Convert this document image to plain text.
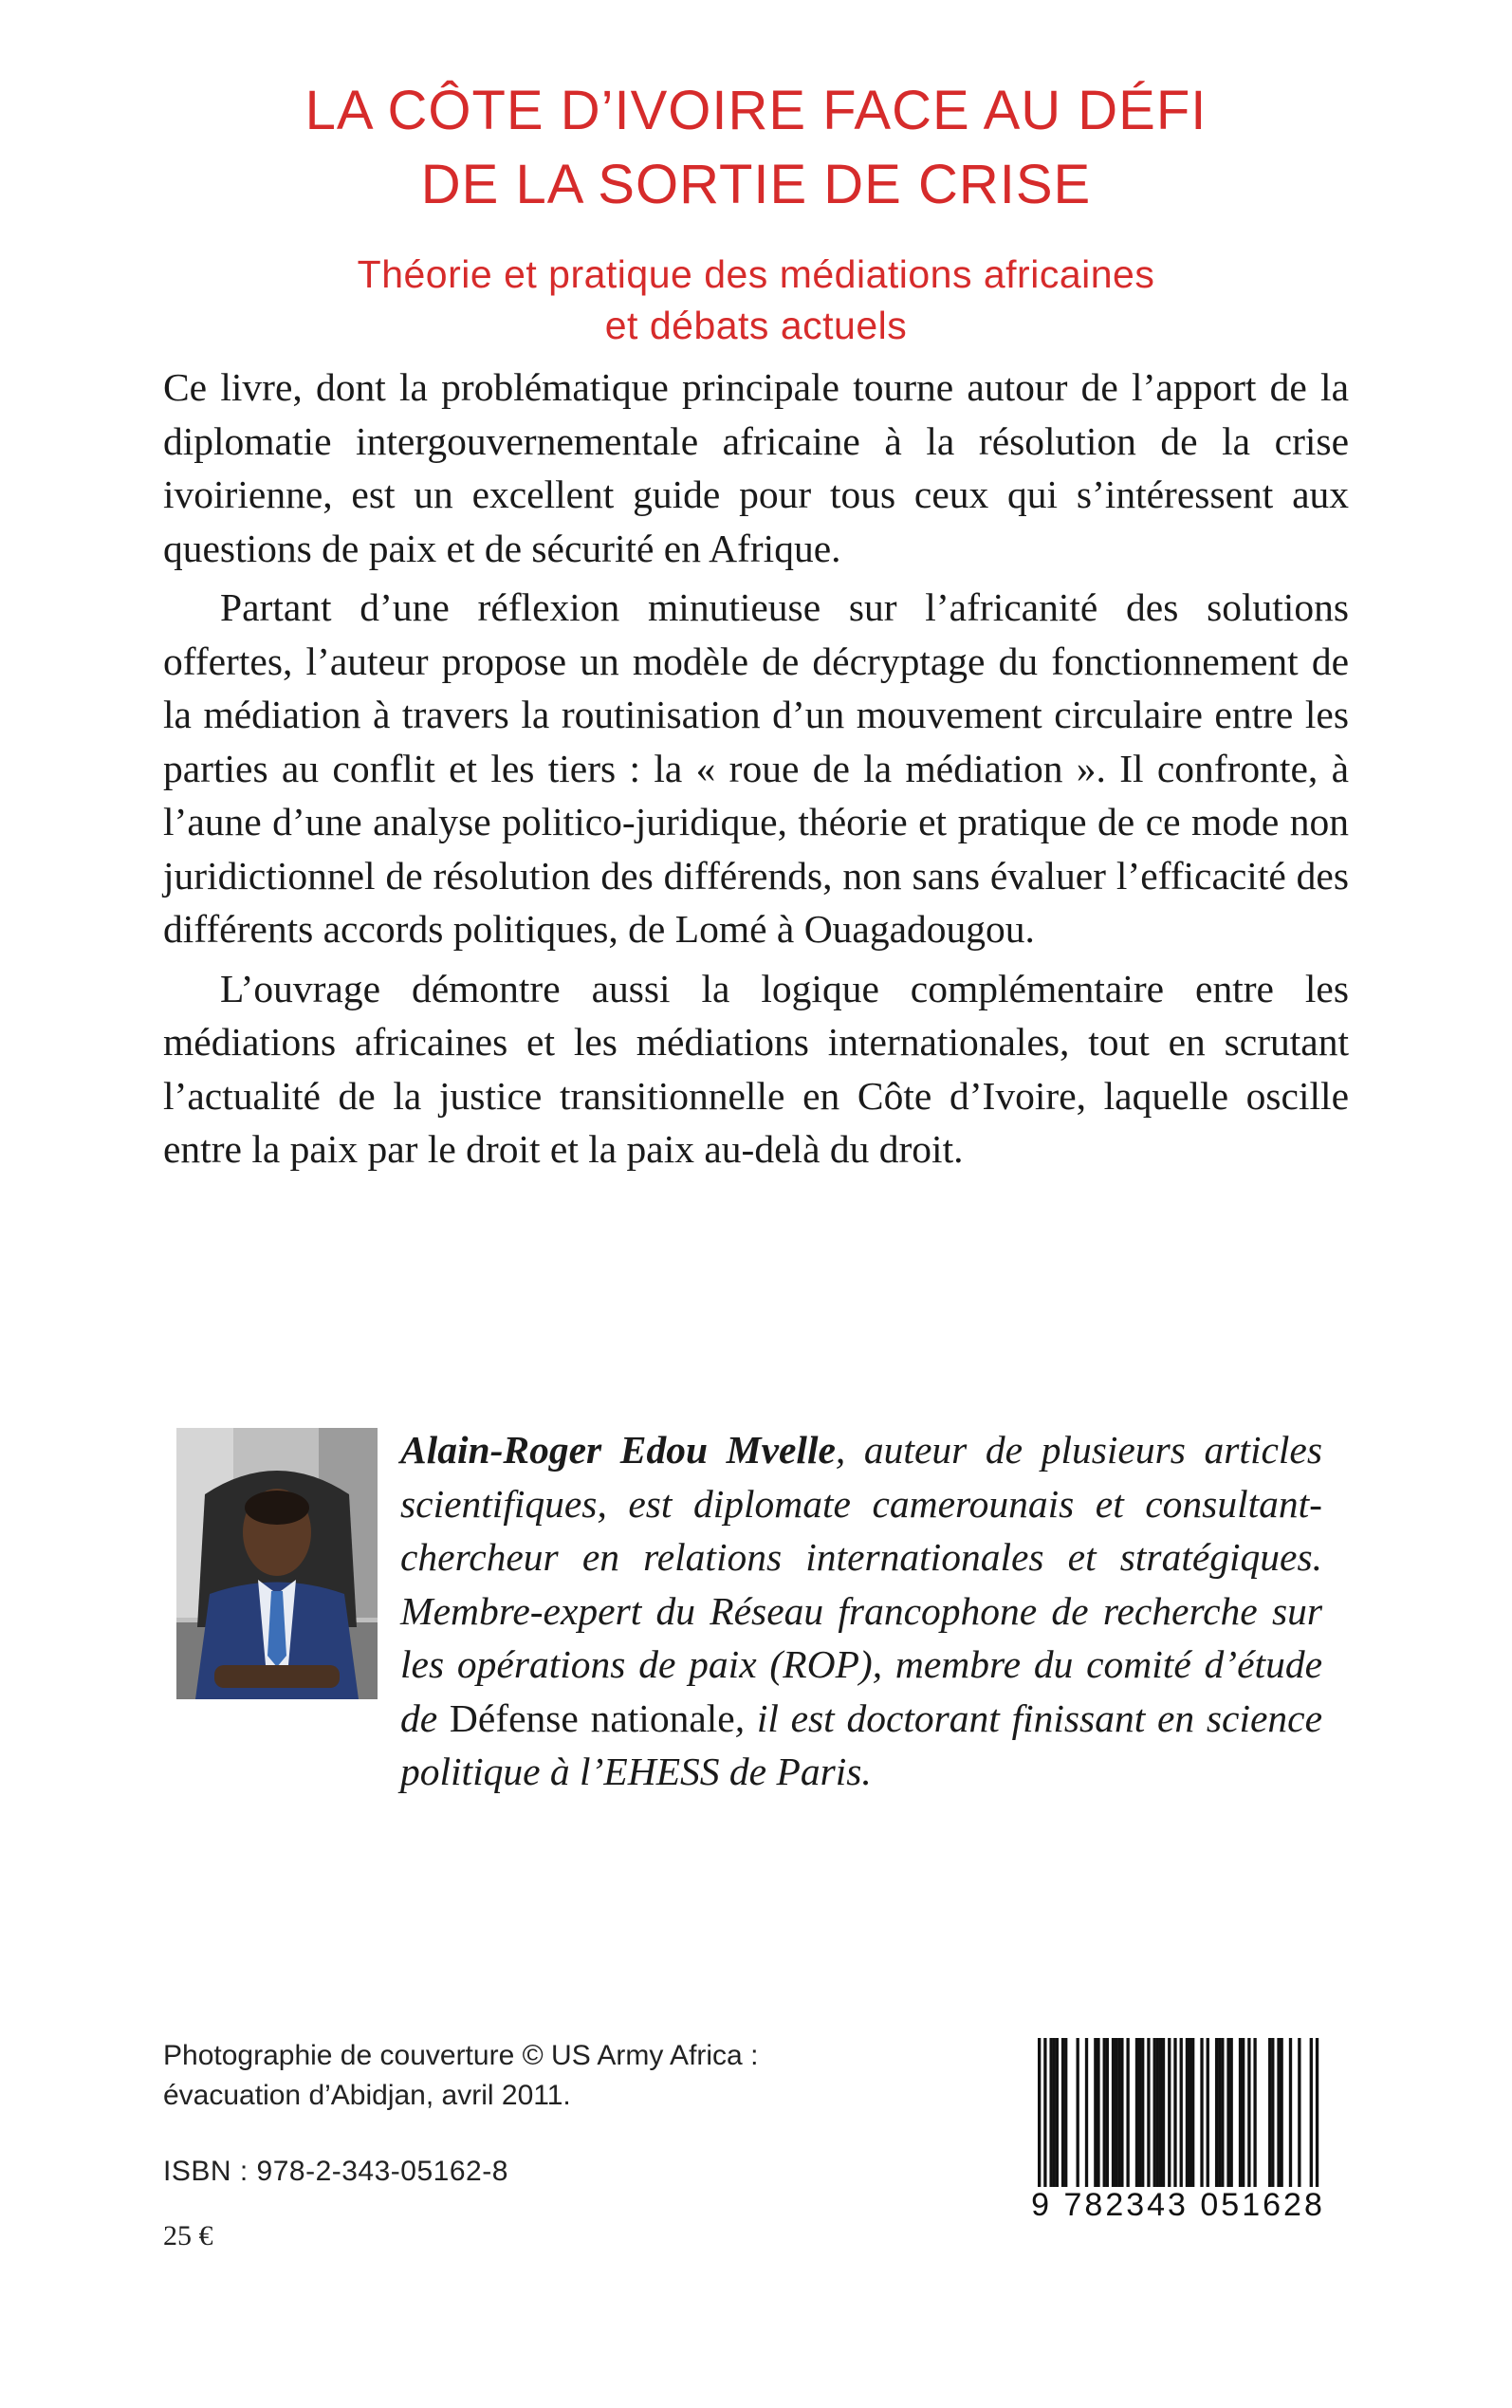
LA CÔTE D’IVOIRE FACE AU DÉFI
DE LA SORTIE DE CRISE
Théorie et pratique des médiations africaines
et débats actuels

Ce livre, dont la problématique principale tourne autour de l’apport de la diplomatie intergouvernementale africaine à la résolution de la crise ivoirienne, est un excellent guide pour tous ceux qui s’intéressent aux questions de paix et de sécurité en Afrique.

Partant d’une réflexion minutieuse sur l’africanité des solutions offertes, l’auteur propose un modèle de décryptage du fonctionnement de la médiation à travers la routinisation d’un mouvement circulaire entre les parties au conflit et les tiers : la « roue de la médiation ». Il confronte, à l’aune d’une analyse politico-juridique, théorie et pratique de ce mode non juridictionnel de résolution des différends, non sans évaluer l’efficacité des différents accords politiques, de Lomé à Ouagadougou.

L’ouvrage démontre aussi la logique complémentaire entre les médiations africaines et les médiations internationales, tout en scrutant l’actualité de la justice transitionnelle en Côte d’Ivoire, laquelle oscille entre la paix par le droit et la paix au-delà du droit.

Alain-Roger Edou Mvelle, auteur de plusieurs articles scientifiques, est diplomate camerounais et consultant-chercheur en relations internationales et stratégiques. Membre-expert du Réseau francophone de recherche sur les opérations de paix (ROP), membre du comité d’étude de Défense nationale, il est doctorant finissant en science politique à l’EHESS de Paris.
Photographie de couverture © US Army Africa :
évacuation d’Abidjan, avril 2011.
ISBN : 978-2-343-05162-8
25 €
9 782343 051628
